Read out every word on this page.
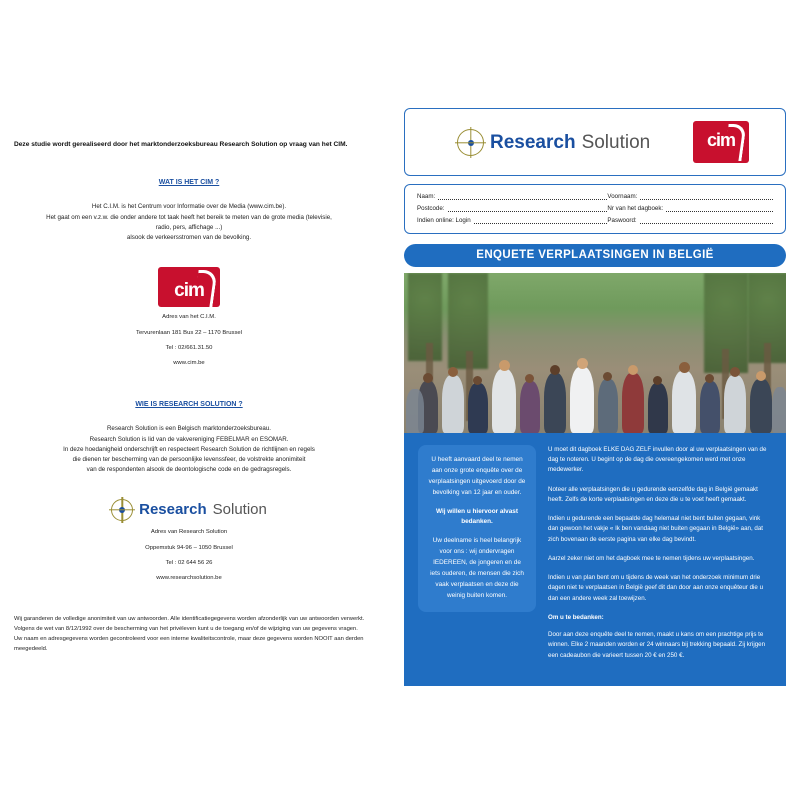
Deze studie wordt gerealiseerd door het marktonderzoeksbureau Research Solution op vraag van het CIM.
WAT IS HET CIM ?

Het C.I.M. is het Centrum voor Informatie over de Media (www.cim.be).

Het gaat om een v.z.w. die onder andere tot taak heeft het bereik te meten van de grote media (televisie, radio, pers, affichage ...)

alsook de verkeersstromen van de bevolking.

cim

Adres van het C.I.M.

Tervurenlaan 181 Bus 22 – 1170 Brussel

Tel : 02/661.31.50

www.cim.be

WIE IS RESEARCH SOLUTION ?

Research Solution is een Belgisch marktonderzoeksbureau.

Research Solution is lid van de vakvereniging FEBELMAR en ESOMAR.

In deze hoedanigheid onderschrijft en respecteert Research Solution de richtlijnen en regels

die dienen ter bescherming van de persoonlijke levenssfeer, de volstrekte anonimiteit

van de respondenten alsook de deontologische code en de gedragsregels.

Research Solution

Adres van Research Solution

Oppemstuk 94-96 – 1050 Brussel

Tel : 02 644 56 26

www.researchsolution.be

Wij garanderen de volledige anonimiteit van uw antwoorden. Alle identificatiegegevens worden afzonderlijk van uw antwoorden verwerkt. Volgens de wet van 8/12/1992 over de bescherming van het privéleven kunt u de toegang en/of de wijziging van uw gegevens vragen. Uw naam en adresgegevens worden gecontroleerd voor een interne kwaliteitscontrole, maar deze gegevens worden NOOIT aan derden meegedeeld.
Research Solution	cim
Naam:	Voornaam:
Postcode:	Nr van het dagboek:
Indien online: Login	Paswoord:
ENQUETE VERPLAATSINGEN IN BELGIË
U heeft aanvaard deel te nemen aan onze grote enquête over de verplaatsingen uitgevoerd door de bevolking van 12 jaar en ouder.
Wij willen u hiervoor alvast bedanken.
Uw deelname is heel belangrijk voor ons : wij ondervragen IEDEREEN, de jongeren en de iets ouderen, de mensen die zich vaak verplaatsen en deze die weinig buiten komen.

U moet dit dagboek ELKE DAG ZELF invullen door al uw verplaatsingen van de dag te noteren. U begint op de dag die overeengekomen werd met onze medewerker.

Noteer alle verplaatsingen die u gedurende eenzelfde dag in België gemaakt heeft. Zelfs de korte verplaatsingen en deze die u te voet heeft gemaakt.

Indien u gedurende een bepaalde dag helemaal niet bent buiten gegaan, vink dan gewoon het vakje « Ik ben vandaag niet buiten gegaan in België» aan, dat zich bovenaan de eerste pagina van elke dag bevindt.

Aarzel zeker niet om het dagboek mee te nemen tijdens uw verplaatsingen.

Indien u van plan bent om u tijdens de week van het onderzoek minimum drie dagen niet te verplaatsen in België geef dit dan door aan onze enquêteur die u dan een andere week zal toewijzen.

Om u te bedanken:

Door aan deze enquête deel te nemen, maakt u kans om een prachtige prijs te winnen. Elke 2 maanden worden er 24 winnaars bij trekking bepaald. Zij krijgen een cadeaubon die varieert tussen 20 € en 250 €.
